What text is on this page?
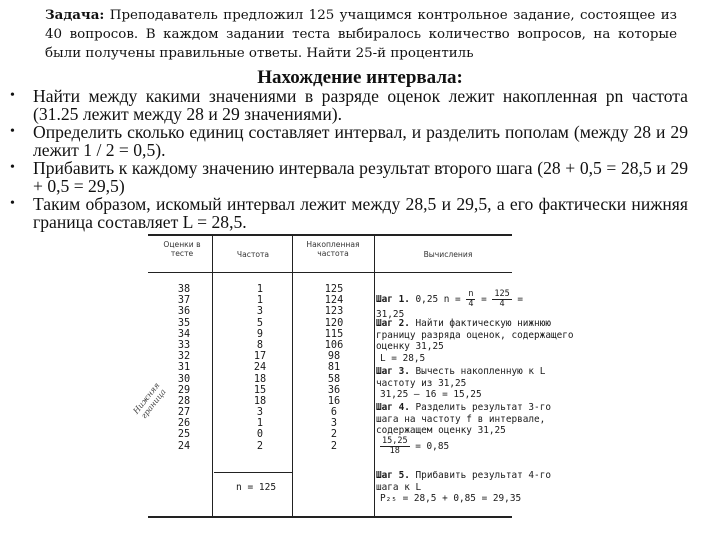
Задача: Преподаватель предложил 125 учащимся контрольное задание, состоящее из 40 вопросов. В каждом задании теста выбиралось количество вопросов, на которые были получены правильные ответы. Найти 25-й процентиль
Нахождение интервала:
• Найти между какими значениями в разряде оценок лежит накопленная pn частота (31.25 лежит между 28 и 29 значениями).
• Определить сколько единиц составляет интервал, и разделить пополам (между 28 и 29 лежит 1 / 2 = 0,5).
• Прибавить к каждому значению интервала результат второго шага (28 + 0,5 = 28,5 и 29 + 0,5 = 29,5)
• Таким образом, искомый интервал лежит между 28,5 и 29,5, а его фактически нижняя граница составляет L = 28,5.
Оценки в тесте	Частота
Накопленная частота	Вычисления
38
37
36
35
34
33
32
31
30
29
28
27
26
25
24
1
1
3
5
9
8
17
24
18
15
18
3
1
0
2
125
124
123
120
115
106
98
81
58
36
16
6
3
2
2
n = 125
Нижняя граница
Шаг 1. 0,25 $n = \frac{n}{4} = \frac{125}{4} = 31,25$
Шаг 2. Найти фактическую нижнюю границу разряда оценок, содержащего оценку 31,25
L = 28,5
Шаг 3. Вычесть накопленную к L частоту из 31,25
31,25 — 16 = 15,25
Шаг 4. Разделить результат 3-го шага на частоту f в интервале, содержащем оценку 31,25
$\frac{15,25}{18} = 0,85$
Шаг 5. Прибавить результат 4-го шага к L
P₂₅ = 28,5 + 0,85 = 29,35
